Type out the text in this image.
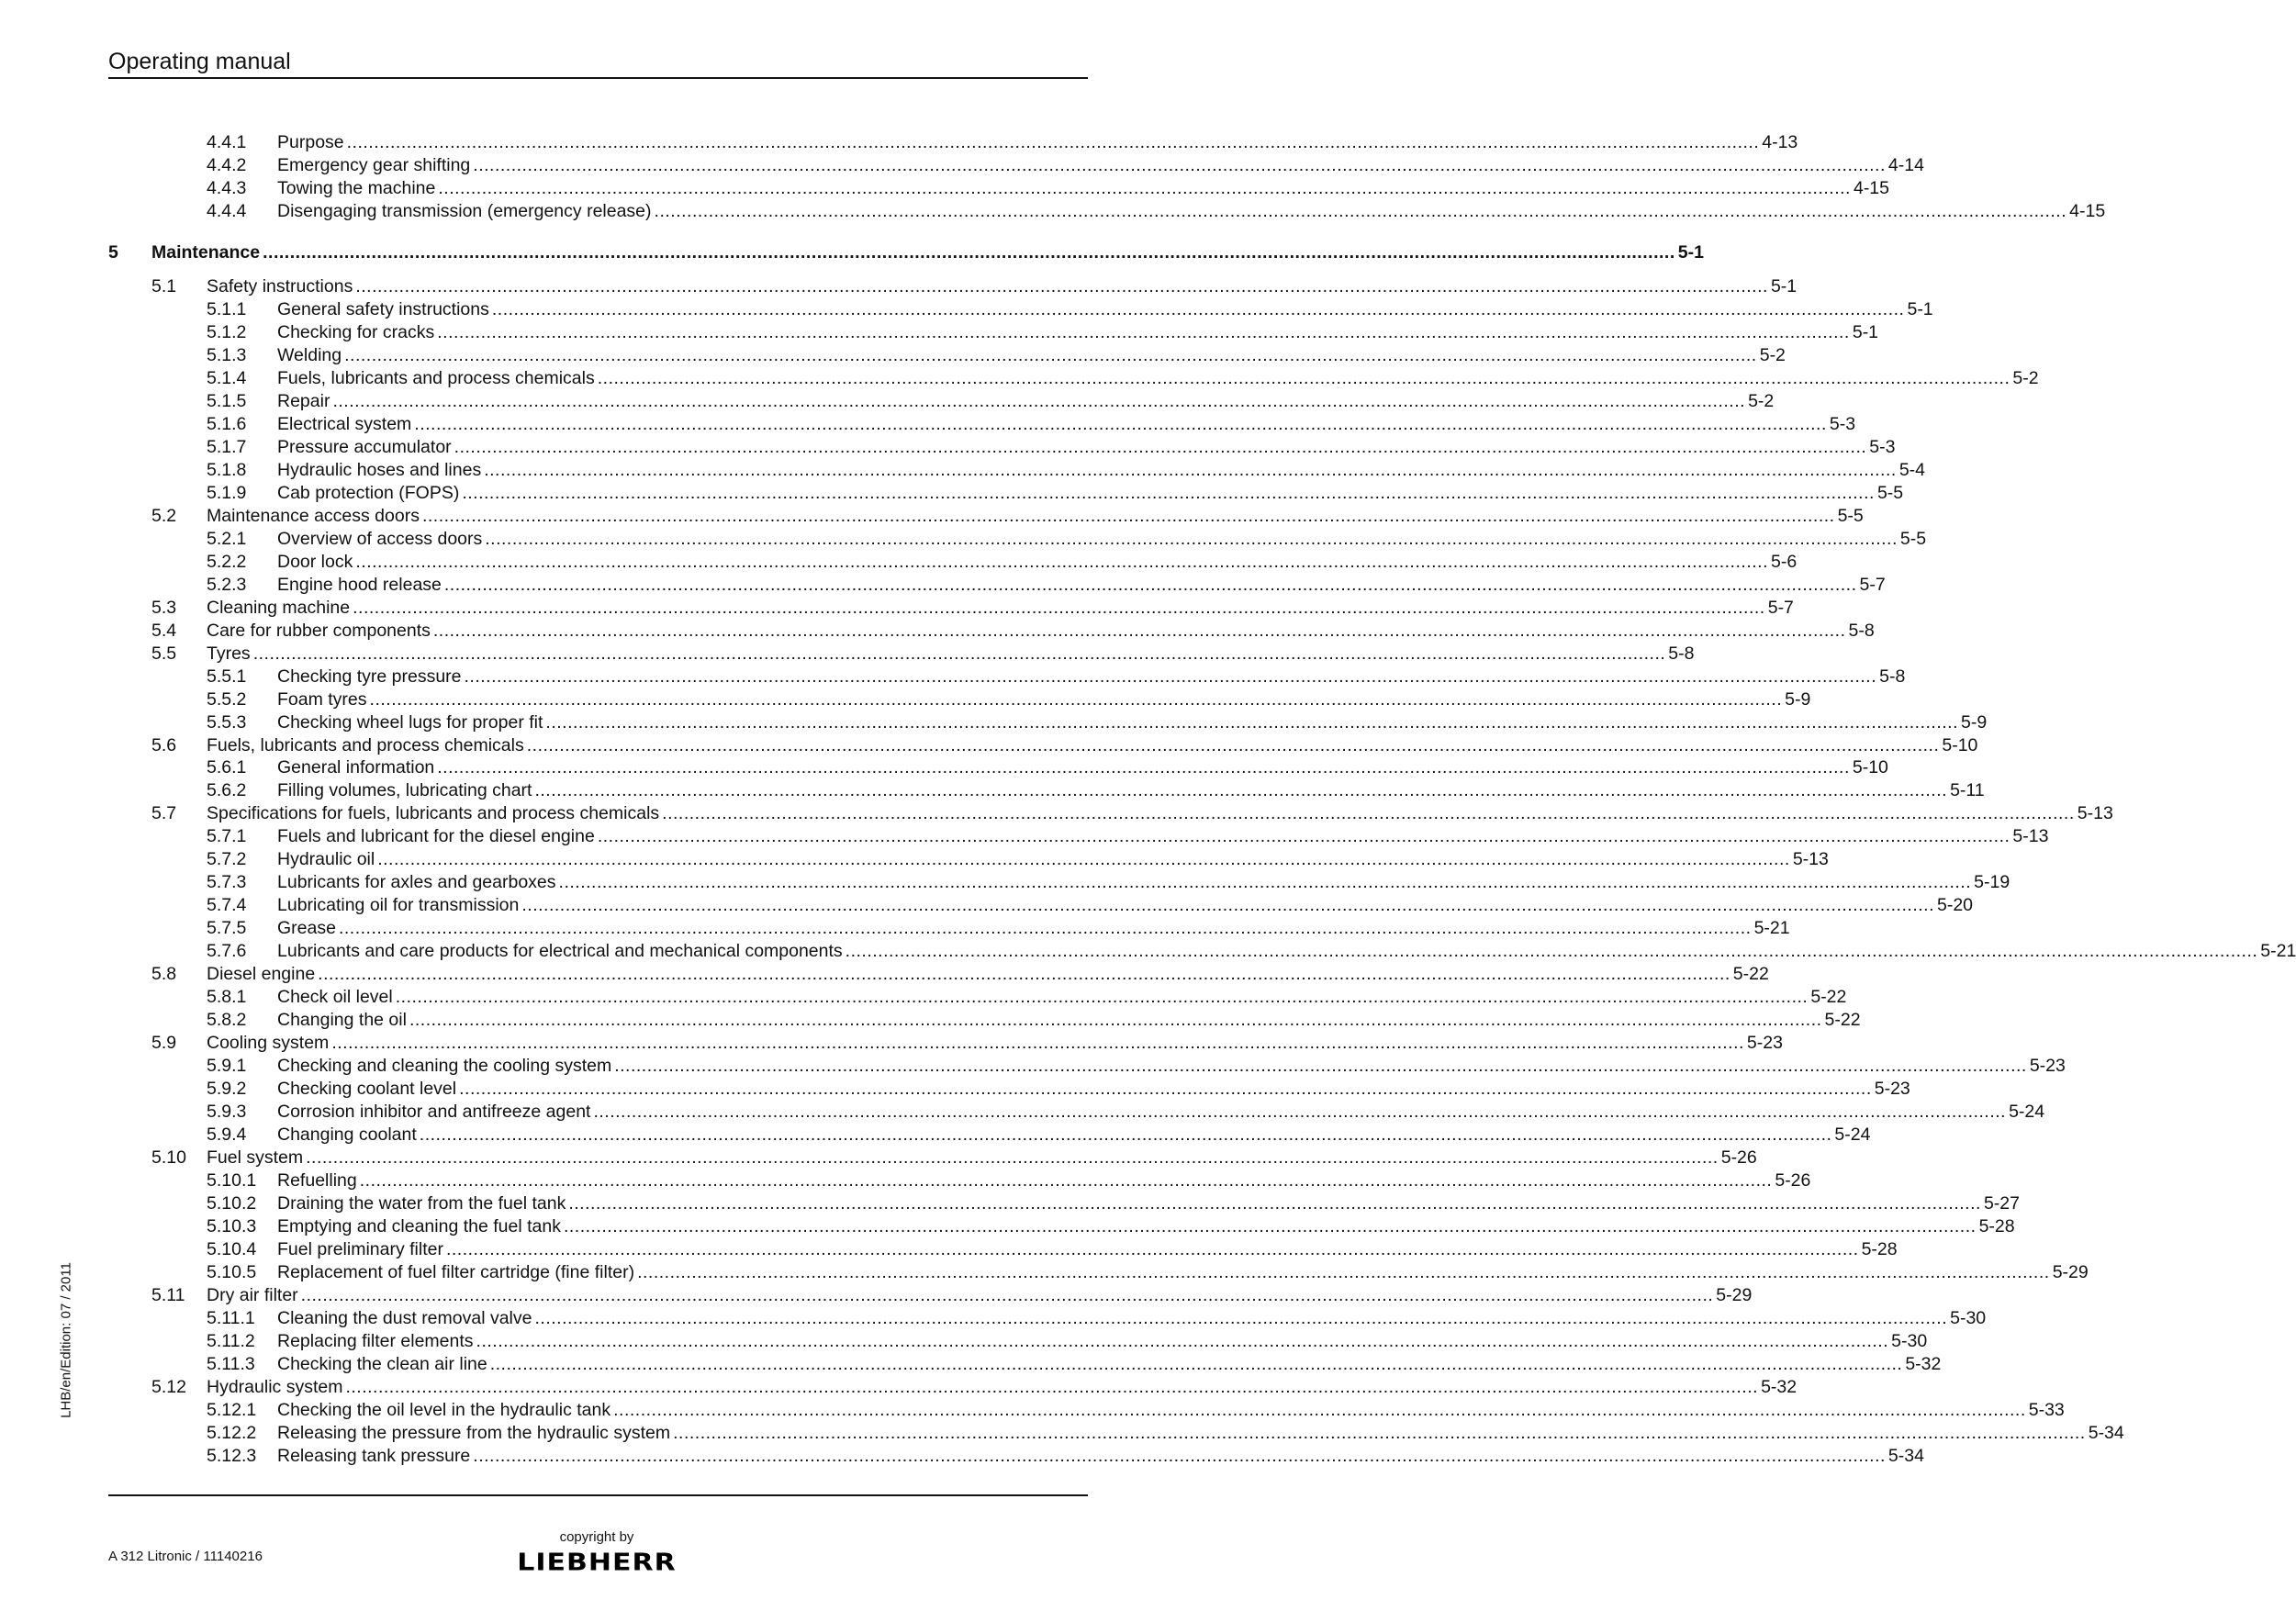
Operating manual
4.4.1 Purpose .................................................................................................................................................................................................................................................................... 4-13
4.4.2 Emergency gear shifting .................................................................................................................................................................................................................................................................... 4-14
4.4.3 Towing the machine .................................................................................................................................................................................................................................................................... 4-15
4.4.4 Disengaging transmission (emergency release) .................................................................................................................................................................................................................................................................... 4-15
5 Maintenance .................................................................................................................................................................................................................................................................... 5-1
5.1 Safety instructions .................................................................................................................................................................................................................................................................... 5-1
5.1.1 General safety instructions .................................................................................................................................................................................................................................................................... 5-1
5.1.2 Checking for cracks .................................................................................................................................................................................................................................................................... 5-1
5.1.3 Welding .................................................................................................................................................................................................................................................................... 5-2
5.1.4 Fuels, lubricants and process chemicals .................................................................................................................................................................................................................................................................... 5-2
5.1.5 Repair .................................................................................................................................................................................................................................................................... 5-2
5.1.6 Electrical system .................................................................................................................................................................................................................................................................... 5-3
5.1.7 Pressure accumulator .................................................................................................................................................................................................................................................................... 5-3
5.1.8 Hydraulic hoses and lines .................................................................................................................................................................................................................................................................... 5-4
5.1.9 Cab protection (FOPS) .................................................................................................................................................................................................................................................................... 5-5
5.2 Maintenance access doors .................................................................................................................................................................................................................................................................... 5-5
5.2.1 Overview of access doors .................................................................................................................................................................................................................................................................... 5-5
5.2.2 Door lock .................................................................................................................................................................................................................................................................... 5-6
5.2.3 Engine hood release .................................................................................................................................................................................................................................................................... 5-7
5.3 Cleaning machine .................................................................................................................................................................................................................................................................... 5-7
5.4 Care for rubber components .................................................................................................................................................................................................................................................................... 5-8
5.5 Tyres .................................................................................................................................................................................................................................................................... 5-8
5.5.1 Checking tyre pressure .................................................................................................................................................................................................................................................................... 5-8
5.5.2 Foam tyres .................................................................................................................................................................................................................................................................... 5-9
5.5.3 Checking wheel lugs for proper fit .................................................................................................................................................................................................................................................................... 5-9
5.6 Fuels, lubricants and process chemicals .................................................................................................................................................................................................................................................................... 5-10
5.6.1 General information .................................................................................................................................................................................................................................................................... 5-10
5.6.2 Filling volumes, lubricating chart .................................................................................................................................................................................................................................................................... 5-11
5.7 Specifications for fuels, lubricants and process chemicals .................................................................................................................................................................................................................................................................... 5-13
5.7.1 Fuels and lubricant for the diesel engine .................................................................................................................................................................................................................................................................... 5-13
5.7.2 Hydraulic oil .................................................................................................................................................................................................................................................................... 5-13
5.7.3 Lubricants for axles and gearboxes .................................................................................................................................................................................................................................................................... 5-19
5.7.4 Lubricating oil for transmission .................................................................................................................................................................................................................................................................... 5-20
5.7.5 Grease .................................................................................................................................................................................................................................................................... 5-21
5.7.6 Lubricants and care products for electrical and mechanical components .................................................................................................................................................................................................................................................................... 5-21
5.8 Diesel engine .................................................................................................................................................................................................................................................................... 5-22
5.8.1 Check oil level .................................................................................................................................................................................................................................................................... 5-22
5.8.2 Changing the oil .................................................................................................................................................................................................................................................................... 5-22
5.9 Cooling system .................................................................................................................................................................................................................................................................... 5-23
5.9.1 Checking and cleaning the cooling system .................................................................................................................................................................................................................................................................... 5-23
5.9.2 Checking coolant level .................................................................................................................................................................................................................................................................... 5-23
5.9.3 Corrosion inhibitor and antifreeze agent .................................................................................................................................................................................................................................................................... 5-24
5.9.4 Changing coolant .................................................................................................................................................................................................................................................................... 5-24
5.10 Fuel system .................................................................................................................................................................................................................................................................... 5-26
5.10.1 Refuelling .................................................................................................................................................................................................................................................................... 5-26
5.10.2 Draining the water from the fuel tank .................................................................................................................................................................................................................................................................... 5-27
5.10.3 Emptying and cleaning the fuel tank .................................................................................................................................................................................................................................................................... 5-28
5.10.4 Fuel preliminary filter .................................................................................................................................................................................................................................................................... 5-28
5.10.5 Replacement of fuel filter cartridge (fine filter) .................................................................................................................................................................................................................................................................... 5-29
5.11 Dry air filter .................................................................................................................................................................................................................................................................... 5-29
5.11.1 Cleaning the dust removal valve .................................................................................................................................................................................................................................................................... 5-30
5.11.2 Replacing filter elements .................................................................................................................................................................................................................................................................... 5-30
5.11.3 Checking the clean air line .................................................................................................................................................................................................................................................................... 5-32
5.12 Hydraulic system .................................................................................................................................................................................................................................................................... 5-32
5.12.1 Checking the oil level in the hydraulic tank .................................................................................................................................................................................................................................................................... 5-33
5.12.2 Releasing the pressure from the hydraulic system .................................................................................................................................................................................................................................................................... 5-34
5.12.3 Releasing tank pressure .................................................................................................................................................................................................................................................................... 5-34
LHB/en/Edition: 07 / 2011
A 312 Litronic / 11140216
copyright by
LIEBHERR
